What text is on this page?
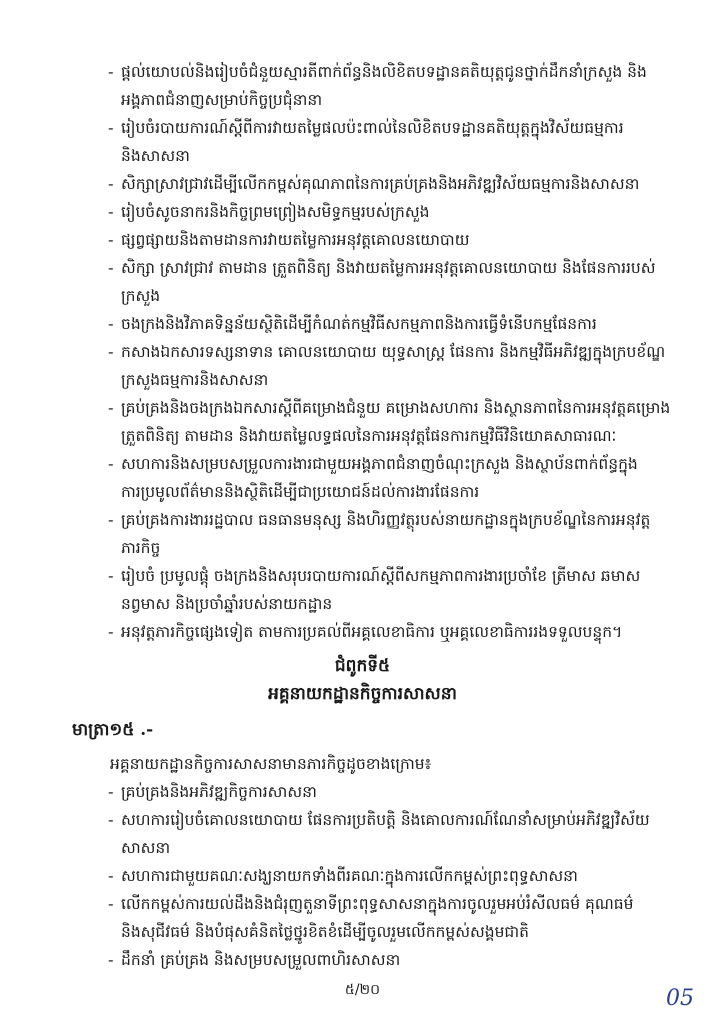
- ផ្តល់យោបល់និងរៀបចំជំនួយស្មារតីពាក់ព័ន្ធនិងលិខិតបទដ្ឋានគតិយុត្តជូនថ្នាក់ដឹកនាំក្រសួង និង
អង្គភាពជំនាញសម្រាប់កិច្ចប្រជុំនានា
- រៀបចំរបាយការណ៍ស្ដីពីការវាយតម្លៃផលប៉ះពាល់នៃលិខិតបទដ្ឋានគតិយុត្តក្នុងវិស័យធម្មការ
និងសាសនា
- សិក្សាស្រាវជ្រាវដើម្បីលើកកម្ពស់គុណភាពនៃការគ្រប់គ្រងនិងអភិវឌ្ឍវិស័យធម្មការនិងសាសនា
- រៀបចំសូចនាករនិងកិច្ចព្រមព្រៀងសមិទ្ធកម្មរបស់ក្រសួង
- ផ្សព្វផ្សាយនិងតាមដានការវាយតម្លៃការអនុវត្តគោលនយោបាយ
- សិក្សា ស្រាវជ្រាវ តាមដាន ត្រួតពិនិត្យ និងវាយតម្លៃការអនុវត្តគោលនយោបាយ និងផែនការរបស់
ក្រសួង
- ចងក្រងនិងវិភាគទិន្នន័យស្ថិតិដើម្បីកំណត់កម្មវិធីសកម្មភាពនិងការធ្វើទំនើបកម្មផែនការ
- កសាងឯកសារទស្សនាទាន គោលនយោបាយ យុទ្ធសាស្ត្រ ផែនការ និងកម្មវិធីអភិវឌ្ឍក្នុងក្របខ័ណ្ឌ
ក្រសួងធម្មការនិងសាសនា
- គ្រប់គ្រងនិងចងក្រងឯកសារស្ដីពីគម្រោងជំនួយ គម្រោងសហការ និងស្ថានភាពនៃការអនុវត្តគម្រោង
ត្រួតពិនិត្យ តាមដាន និងវាយតម្លៃលទ្ធផលនៃការអនុវត្តផែនការកម្មវិធីវិនិយោគសាធារណៈ
- សហការនិងសម្របសម្រួលការងារជាមួយអង្គភាពជំនាញចំណុះក្រសួង និងស្ថាប័នពាក់ព័ន្ធក្នុង
ការប្រមូលព័ត៌មាននិងស្ថិតិដើម្បីជាប្រយោជន៍ដល់ការងារផែនការ
- គ្រប់គ្រងការងាររដ្ឋបាល ធនធានមនុស្ស និងហិរញ្ញវត្ថុរបស់នាយកដ្ឋានក្នុងក្របខ័ណ្ឌនៃការអនុវត្ត
ភារកិច្ច
- រៀបចំ ប្រមូលផ្ដុំ ចងក្រងនិងសរុបរបាយការណ៍ស្ដីពីសកម្មភាពការងារប្រចាំខែ ត្រីមាស ឆមាស
នព្វមាស និងប្រចាំឆ្នាំរបស់នាយកដ្ឋាន
- អនុវត្តភារកិច្ចផ្សេងទៀត តាមការប្រគល់ពីអគ្គលេខាធិការ ឬអគ្គលេខាធិការរងទទួលបន្ទុក។
ជំពូកទី៥
អគ្គនាយកដ្ឋានកិច្ចការសាសនា
មាត្រា១៥ .-
អគ្គនាយកដ្ឋានកិច្ចការសាសនាមានភារកិច្ចដូចខាងក្រោម៖
- គ្រប់គ្រងនិងអភិវឌ្ឍកិច្ចការសាសនា
- សហការរៀបចំគោលនយោបាយ ផែនការប្រតិបត្តិ និងគោលការណ៍ណែនាំសម្រាប់អភិវឌ្ឍវិស័យ
សាសនា
- សហការជាមួយគណៈសង្ឃនាយកទាំងពីរគណៈក្នុងការលើកកម្ពស់ព្រះពុទ្ធសាសនា
- លើកកម្ពស់ការយល់ដឹងនិងជំរុញតួនាទីព្រះពុទ្ធសាសនាក្នុងការចូលរួមអប់រំសីលធម៌ គុណធម៌
និងសុជីវធម៌ និងបំផុសគំនិតថ្លៃថ្នូរខិតខំដើម្បីចូលរួមលើកកម្ពស់សង្គមជាតិ
- ដឹកនាំ គ្រប់គ្រង និងសម្របសម្រួលពាហិរសាសនា
៥/២០	05
